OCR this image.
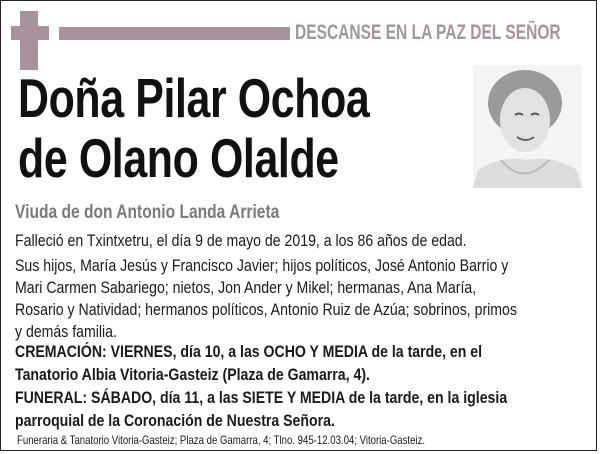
DESCANSE EN LA PAZ DEL SEÑOR
Doña Pilar Ochoa
de Olano Olalde
Viuda de don Antonio Landa Arrieta
Falleció en Txintxetru, el día 9 de mayo de 2019, a los 86 años de edad.
Sus hijos, María Jesús y Francisco Javier; hijos políticos, José Antonio Barrio y
Mari Carmen Sabariego; nietos, Jon Ander y Mikel; hermanas, Ana María,
Rosario y Natividad; hermanos políticos, Antonio Ruiz de Azúa; sobrinos, primos
y demás familia.
CREMACIÓN: VIERNES, día 10, a las OCHO Y MEDIA de la tarde, en el
Tanatorio Albia Vitoria-Gasteiz (Plaza de Gamarra, 4).
FUNERAL: SÁBADO, día 11, a las SIETE Y MEDIA de la tarde, en la iglesia
parroquial de la Coronación de Nuestra Señora.
Funeraria & Tanatorio Vitoria-Gasteiz; Plaza de Gamarra, 4; Tlno. 945-12.03.04; Vitoria-Gasteiz.
